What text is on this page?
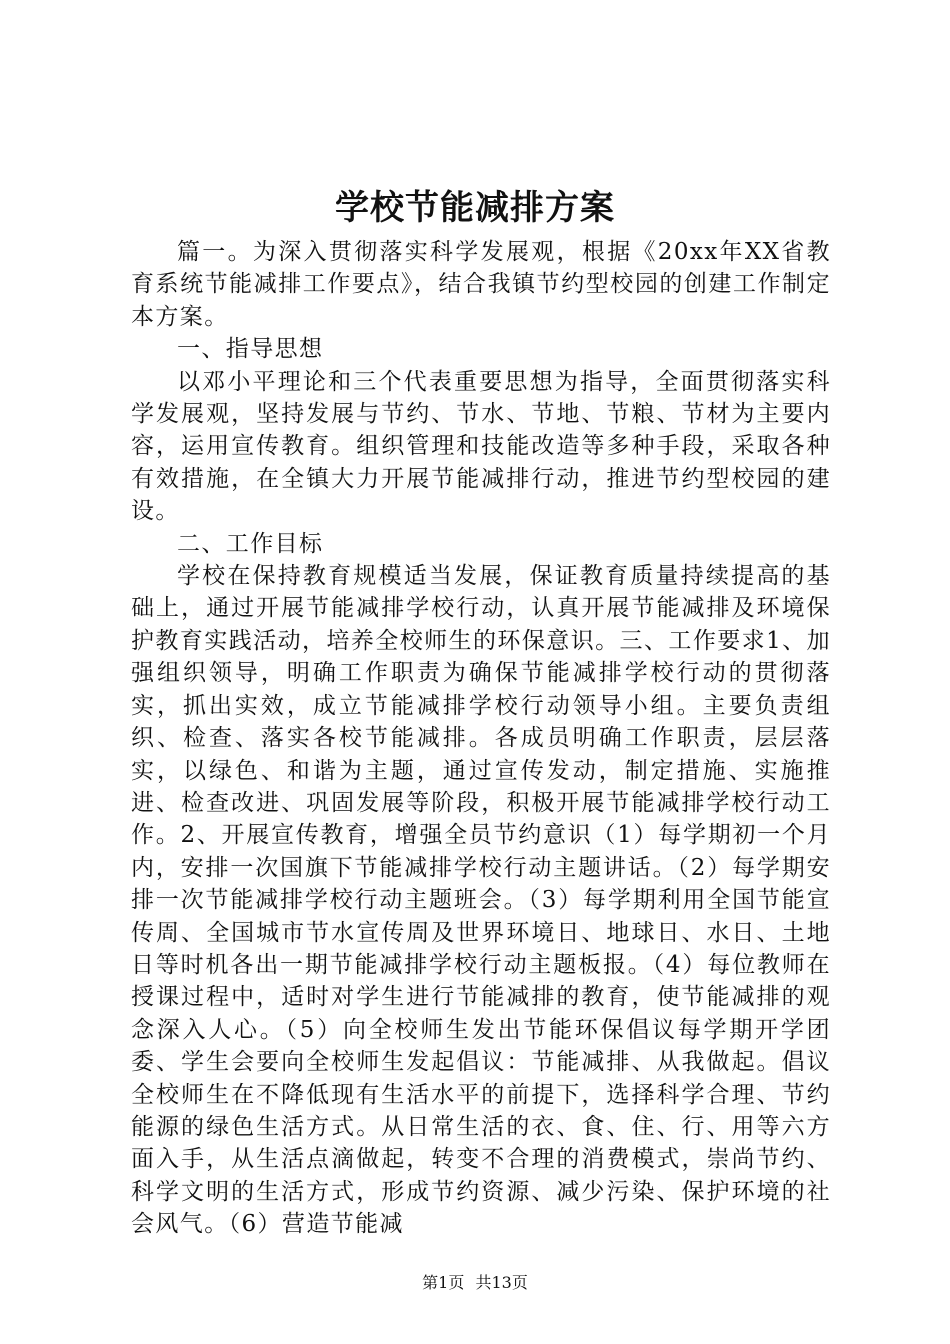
学校节能减排方案

篇一。为深入贯彻落实科学发展观，根据《20xx年XX省教育系统节能减排工作要点》，结合我镇节约型校园的创建工作制定本方案。

一、指导思想

以邓小平理论和三个代表重要思想为指导，全面贯彻落实科学发展观，坚持发展与节约、节水、节地、节粮、节材为主要内容，运用宣传教育。组织管理和技能改造等多种手段，采取各种有效措施，在全镇大力开展节能减排行动，推进节约型校园的建设。

二、工作目标

学校在保持教育规模适当发展，保证教育质量持续提高的基础上，通过开展节能减排学校行动，认真开展节能减排及环境保护教育实践活动，培养全校师生的环保意识。三、工作要求1、加强组织领导，明确工作职责为确保节能减排学校行动的贯彻落实，抓出实效，成立节能减排学校行动领导小组。主要负责组织、检查、落实各校节能减排。各成员明确工作职责，层层落实，以绿色、和谐为主题，通过宣传发动，制定措施、实施推进、检查改进、巩固发展等阶段，积极开展节能减排学校行动工作。2、开展宣传教育，增强全员节约意识（1）每学期初一个月内，安排一次国旗下节能减排学校行动主题讲话。（2）每学期安排一次节能减排学校行动主题班会。（3）每学期利用全国节能宣传周、全国城市节水宣传周及世界环境日、地球日、水日、土地日等时机各出一期节能减排学校行动主题板报。（4）每位教师在授课过程中，适时对学生进行节能减排的教育，使节能减排的观念深入人心。（5）向全校师生发出节能环保倡议每学期开学团委、学生会要向全校师生发起倡议：节能减排、从我做起。倡议全校师生在不降低现有生活水平的前提下，选择科学合理、节约能源的绿色生活方式。从日常生活的衣、食、住、行、用等六方面入手，从生活点滴做起，转变不合理的消费模式，崇尚节约、科学文明的生活方式，形成节约资源、减少污染、保护环境的社会风气。（6）营造节能减

第1页 共13页
